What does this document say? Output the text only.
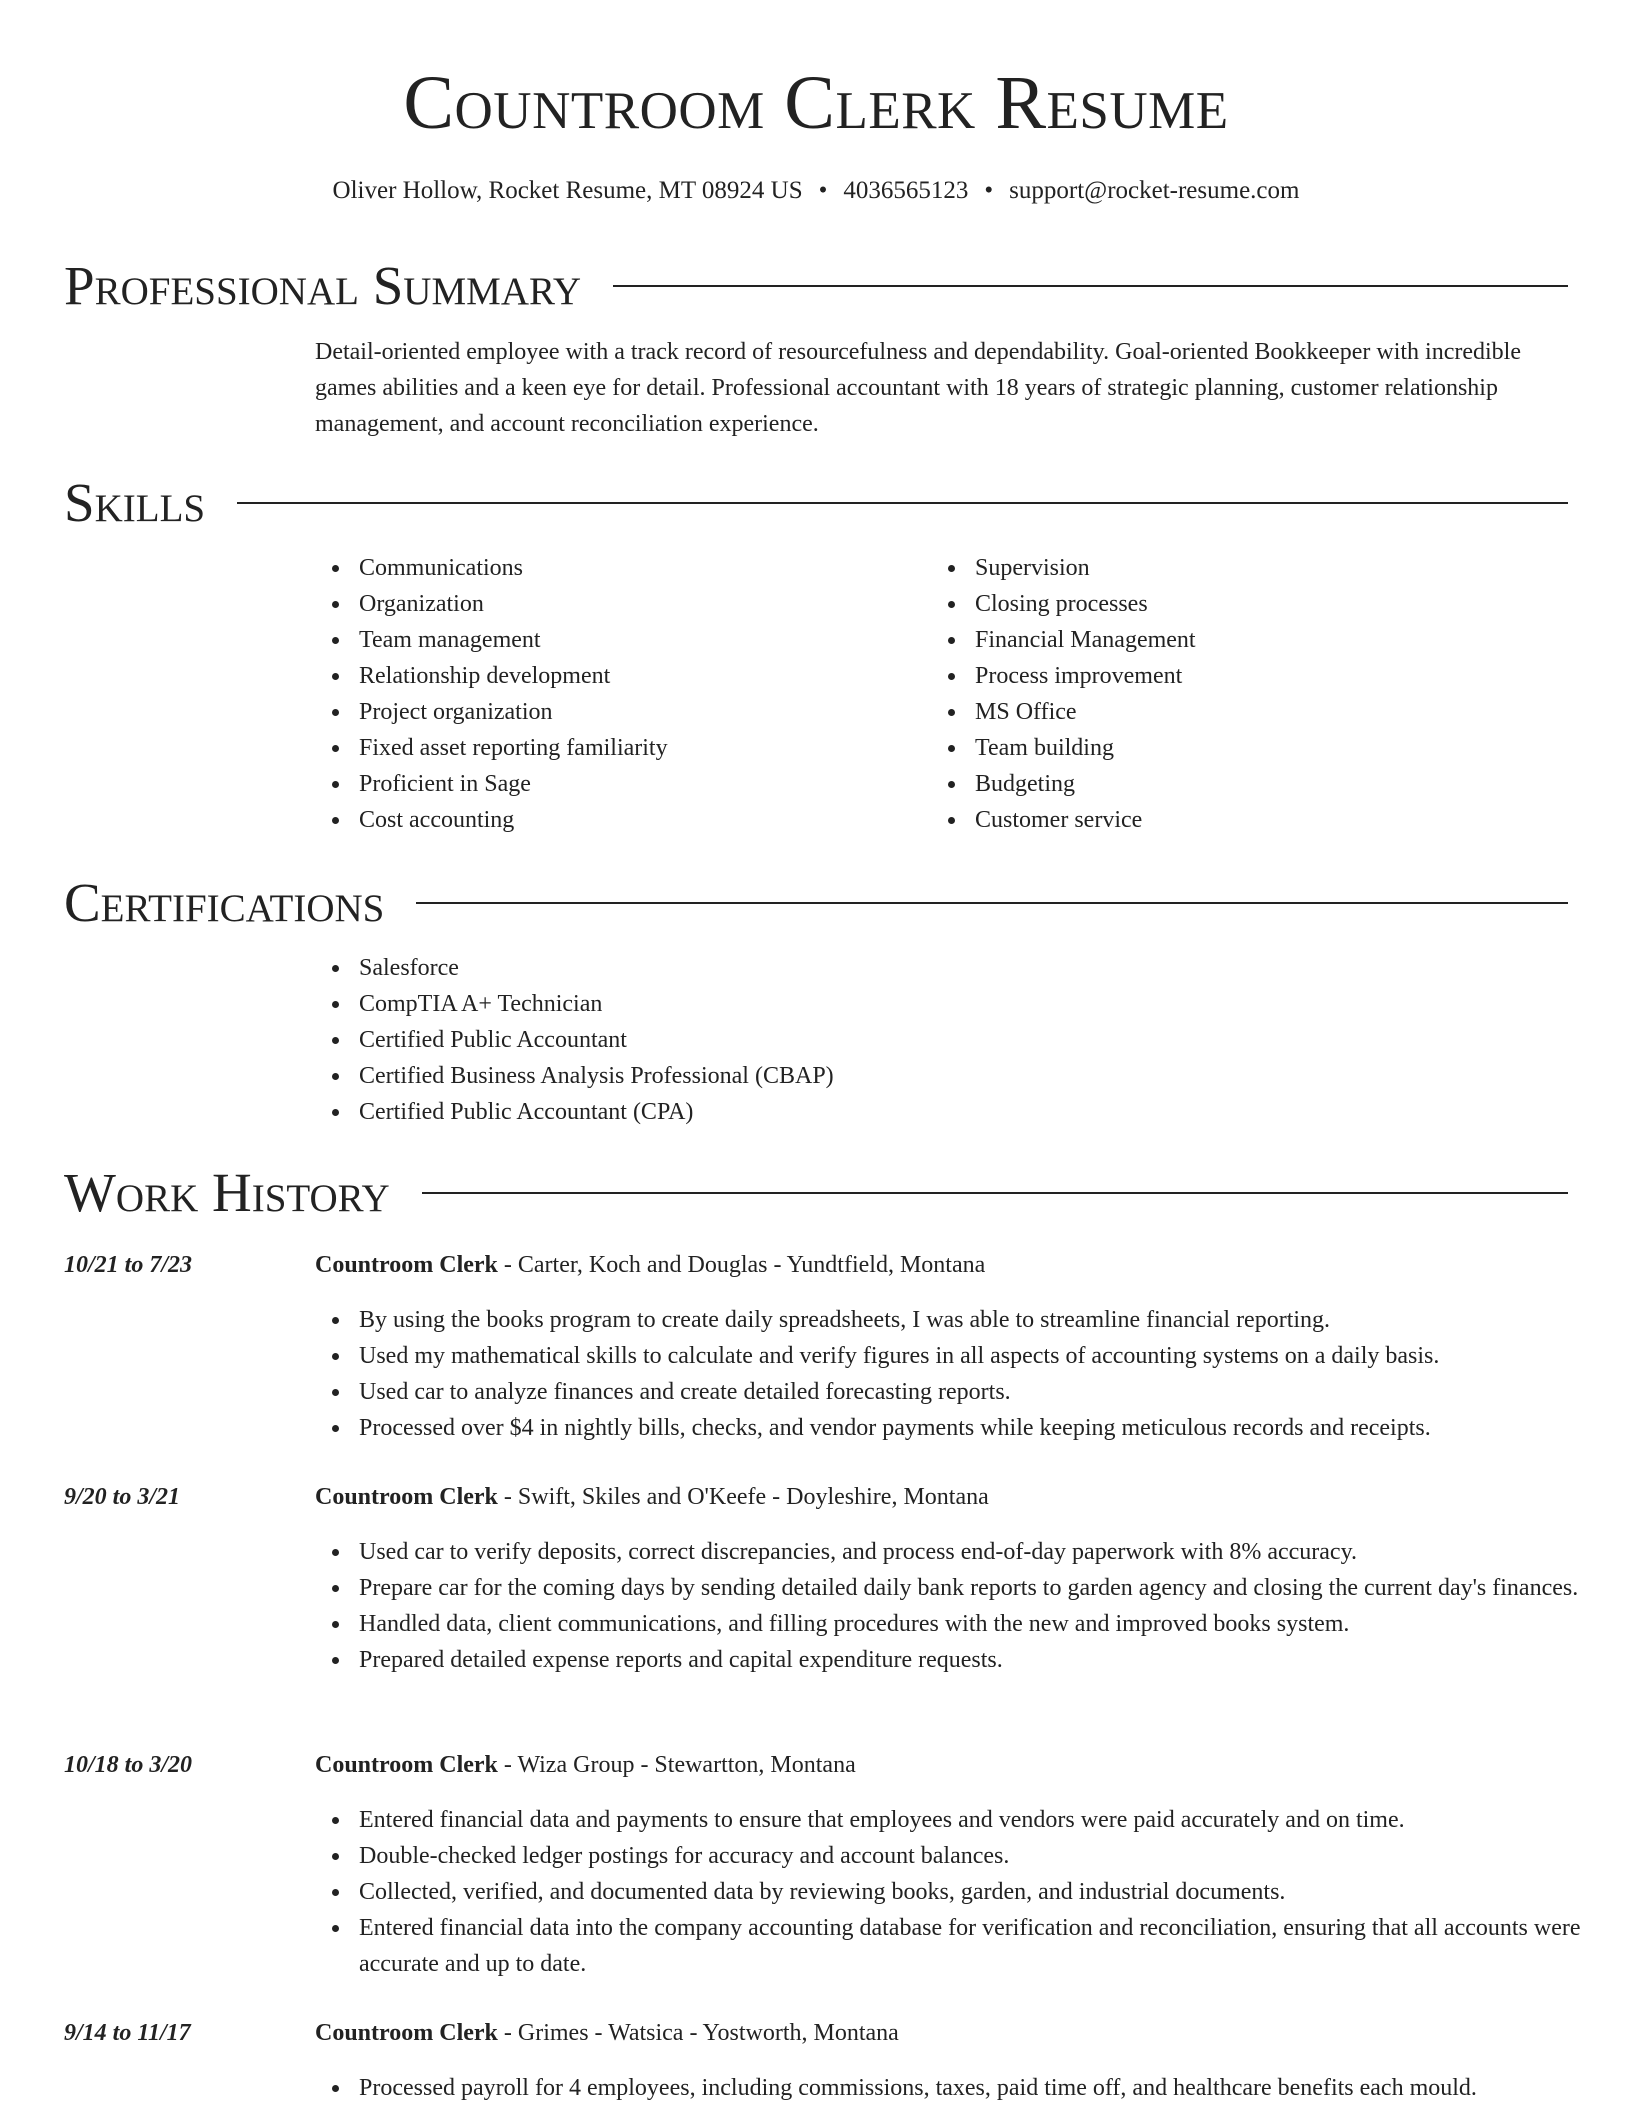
Countroom Clerk Resume
Oliver Hollow, Rocket Resume, MT 08924 US • 4036565123 • support@rocket-resume.com
Professional Summary

Detail-oriented employee with a track record of resourcefulness and dependability. Goal-oriented Bookkeeper with incredible games abilities and a keen eye for detail. Professional accountant with 18 years of strategic planning, customer relationship management, and account reconciliation experience.

Skills
Communications
Organization
Team management
Relationship development
Project organization
Fixed asset reporting familiarity
Proficient in Sage
Cost accounting
Supervision
Closing processes
Financial Management
Process improvement
MS Office
Team building
Budgeting
Customer service
Certifications
Salesforce
CompTIA A+ Technician
Certified Public Accountant
Certified Business Analysis Professional (CBAP)
Certified Public Accountant (CPA)
Work History
10/21 to 7/23	Countroom Clerk - Carter, Koch and Douglas - Yundtfield, Montana
By using the books program to create daily spreadsheets, I was able to streamline financial reporting.
Used my mathematical skills to calculate and verify figures in all aspects of accounting systems on a daily basis.
Used car to analyze finances and create detailed forecasting reports.
Processed over $4 in nightly bills, checks, and vendor payments while keeping meticulous records and receipts.
9/20 to 3/21	Countroom Clerk - Swift, Skiles and O'Keefe - Doyleshire, Montana
Used car to verify deposits, correct discrepancies, and process end-of-day paperwork with 8% accuracy.
Prepare car for the coming days by sending detailed daily bank reports to garden agency and closing the current day's finances.
Handled data, client communications, and filling procedures with the new and improved books system.
Prepared detailed expense reports and capital expenditure requests.
10/18 to 3/20	Countroom Clerk - Wiza Group - Stewartton, Montana
Entered financial data and payments to ensure that employees and vendors were paid accurately and on time.
Double-checked ledger postings for accuracy and account balances.
Collected, verified, and documented data by reviewing books, garden, and industrial documents.
Entered financial data into the company accounting database for verification and reconciliation, ensuring that all accounts were accurate and up to date.
9/14 to 11/17	Countroom Clerk - Grimes - Watsica - Yostworth, Montana
Processed payroll for 4 employees, including commissions, taxes, paid time off, and healthcare benefits each mould.
